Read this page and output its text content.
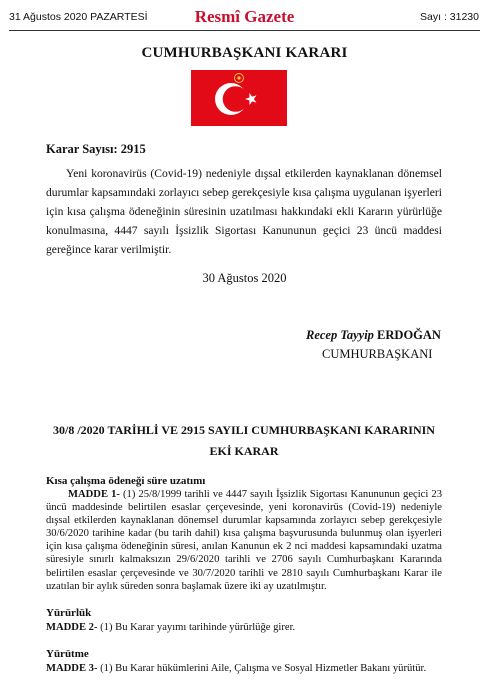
31 Ağustos 2020 PAZARTESİ	Resmî Gazete	Sayı : 31230
CUMHURBAŞKANI KARARI
Karar Sayısı: 2915
Yeni koronavirüs (Covid-19) nedeniyle dışsal etkilerden kaynaklanan dönemsel durumlar kapsamındaki zorlayıcı sebep gerekçesiyle kısa çalışma uygulanan işyerleri için kısa çalışma ödeneğinin süresinin uzatılması hakkındaki ekli Kararın yürürlüğe konulmasına, 4447 sayılı İşsizlik Sigortası Kanununun geçici 23 üncü maddesi gereğince karar verilmiştir.
30 Ağustos 2020
Recep Tayyip ERDOĞAN
CUMHURBAŞKANI
30/8 /2020 TARİHLİ VE 2915 SAYILI CUMHURBAŞKANI KARARININ EKİ KARAR
Kısa çalışma ödeneği süre uzatımı
MADDE 1- (1) 25/8/1999 tarihli ve 4447 sayılı İşsizlik Sigortası Kanununun geçici 23 üncü maddesinde belirtilen esaslar çerçevesinde, yeni koronavirüs (Covid-19) nedeniyle dışsal etkilerden kaynaklanan dönemsel durumlar kapsamında zorlayıcı sebep gerekçesiyle 30/6/2020 tarihine kadar (bu tarih dahil) kısa çalışma başvurusunda bulunmuş olan işyerleri için kısa çalışma ödeneğinin süresi, anılan Kanunun ek 2 nci maddesi kapsamındaki uzatma süresiyle sınırlı kalmaksızın 29/6/2020 tarihli ve 2706 sayılı Cumhurbaşkanı Kararında belirtilen esaslar çerçevesinde ve 30/7/2020 tarihli ve 2810 sayılı Cumhurbaşkanı Karar ile uzatılan bir aylık süreden sonra başlamak üzere iki ay uzatılmıştır.
Yürürlük
MADDE 2- (1) Bu Karar yayımı tarihinde yürürlüğe girer.
Yürütme
MADDE 3- (1) Bu Karar hükümlerini Aile, Çalışma ve Sosyal Hizmetler Bakanı yürütür.
